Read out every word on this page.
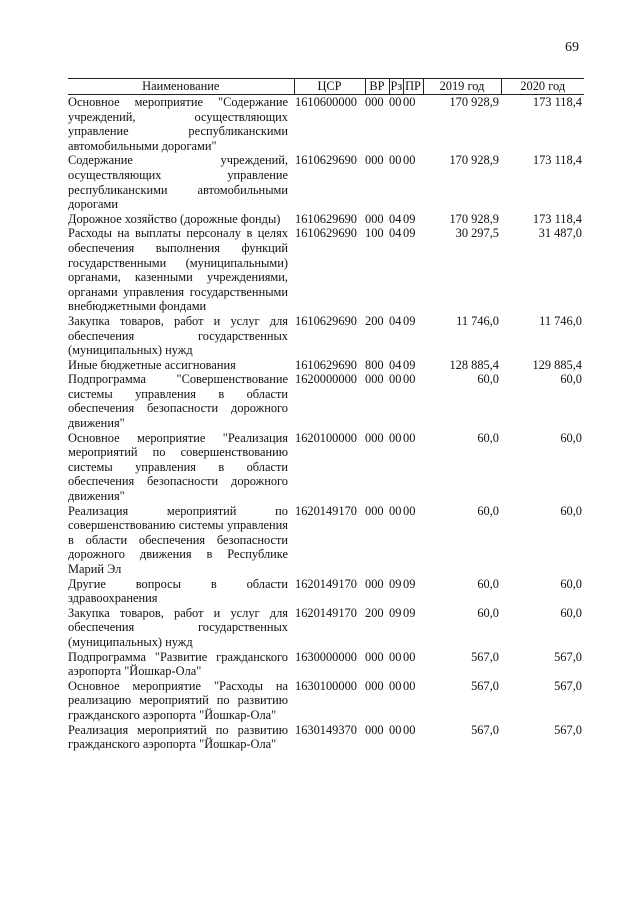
69
Наименование	ЦСР	ВР	Рз	ПР	2019 год	2020 год
Основное мероприятие "Содержание учреждений, осуществляющих управление республиканскими автомобильными дорогами"	1610600000	000	00	00	170 928,9	173 118,4
Содержание учреждений, осуществляющих управление республиканскими автомобильными дорогами	1610629690	000	00	00	170 928,9	173 118,4
Дорожное хозяйство (дорожные фонды)	1610629690	000	04	09	170 928,9	173 118,4
Расходы на выплаты персоналу в целях обеспечения выполнения функций государственными (муниципальными) органами, казенными учреждениями, органами управления государственными внебюджетными фондами	1610629690	100	04	09	30 297,5	31 487,0
Закупка товаров, работ и услуг для обеспечения государственных (муниципальных) нужд	1610629690	200	04	09	11 746,0	11 746,0
Иные бюджетные ассигнования	1610629690	800	04	09	128 885,4	129 885,4
Подпрограмма "Совершенствование системы управления в области обеспечения безопасности дорожного движения"	1620000000	000	00	00	60,0	60,0
Основное мероприятие "Реализация мероприятий по совершенствованию системы управления в области обеспечения безопасности дорожного движения"	1620100000	000	00	00	60,0	60,0
Реализация мероприятий по совершенствованию системы управления в области обеспечения безопасности дорожного движения в Республике Марий Эл	1620149170	000	00	00	60,0	60,0
Другие вопросы в области здравоохранения	1620149170	000	09	09	60,0	60,0
Закупка товаров, работ и услуг для обеспечения государственных (муниципальных) нужд	1620149170	200	09	09	60,0	60,0
Подпрограмма "Развитие гражданского аэропорта "Йошкар-Ола"	1630000000	000	00	00	567,0	567,0
Основное мероприятие "Расходы на реализацию мероприятий по развитию гражданского аэропорта "Йошкар-Ола"	1630100000	000	00	00	567,0	567,0
Реализация мероприятий по развитию гражданского аэропорта "Йошкар-Ола"	1630149370	000	00	00	567,0	567,0
